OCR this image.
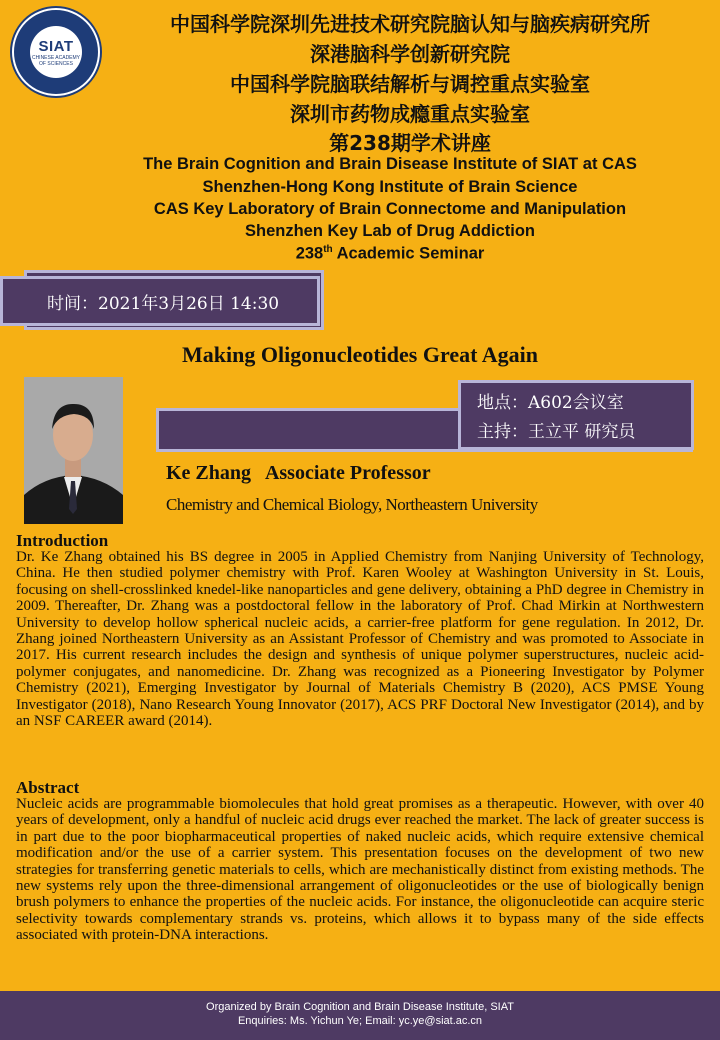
SIAT
CHINESE ACADEMY OF SCIENCES
中国科学院深圳先进技术研究院脑认知与脑疾病研究所
深港脑科学创新研究院
中国科学院脑联结解析与调控重点实验室
深圳市药物成瘾重点实验室
第238期学术讲座
The Brain Cognition and Brain Disease Institute of SIAT at CAS
Shenzhen-Hong Kong Institute of Brain Science
CAS Key Laboratory of Brain Connectome and Manipulation
Shenzhen Key Lab of Drug Addiction
238th Academic Seminar
时间：2021年3月26日 14:30
Making Oligonucleotides Great Again
地点：A602会议室
主持：王立平 研究员
Ke Zhang Associate Professor
Chemistry and Chemical Biology, Northeastern University
Introduction
Dr. Ke Zhang obtained his BS degree in 2005 in Applied Chemistry from Nanjing University of Technology, China. He then studied polymer chemistry with Prof. Karen Wooley at Washington University in St. Louis, focusing on shell-crosslinked knedel-like nanoparticles and gene delivery, obtaining a PhD degree in Chemistry in 2009. Thereafter, Dr. Zhang was a postdoctoral fellow in the laboratory of Prof. Chad Mirkin at Northwestern University to develop hollow spherical nucleic acids, a carrier-free platform for gene regulation. In 2012, Dr. Zhang joined Northeastern University as an Assistant Professor of Chemistry and was promoted to Associate in 2017. His current research includes the design and synthesis of unique polymer superstructures, nucleic acid-polymer conjugates, and nanomedicine. Dr. Zhang was recognized as a Pioneering Investigator by Polymer Chemistry (2021), Emerging Investigator by Journal of Materials Chemistry B (2020), ACS PMSE Young Investigator (2018), Nano Research Young Innovator (2017), ACS PRF Doctoral New Investigator (2014), and by an NSF CAREER award (2014).
Abstract
Nucleic acids are programmable biomolecules that hold great promises as a therapeutic. However, with over 40 years of development, only a handful of nucleic acid drugs ever reached the market. The lack of greater success is in part due to the poor biopharmaceutical properties of naked nucleic acids, which require extensive chemical modification and/or the use of a carrier system. This presentation focuses on the development of two new strategies for transferring genetic materials to cells, which are mechanistically distinct from existing methods. The new systems rely upon the three-dimensional arrangement of oligonucleotides or the use of biologically benign brush polymers to enhance the properties of the nucleic acids. For instance, the oligonucleotide can acquire steric selectivity towards complementary strands vs. proteins, which allows it to bypass many of the side effects associated with protein-DNA interactions.
Organized by Brain Cognition and Brain Disease Institute, SIAT
Enquiries: Ms. Yichun Ye; Email: yc.ye@siat.ac.cn
